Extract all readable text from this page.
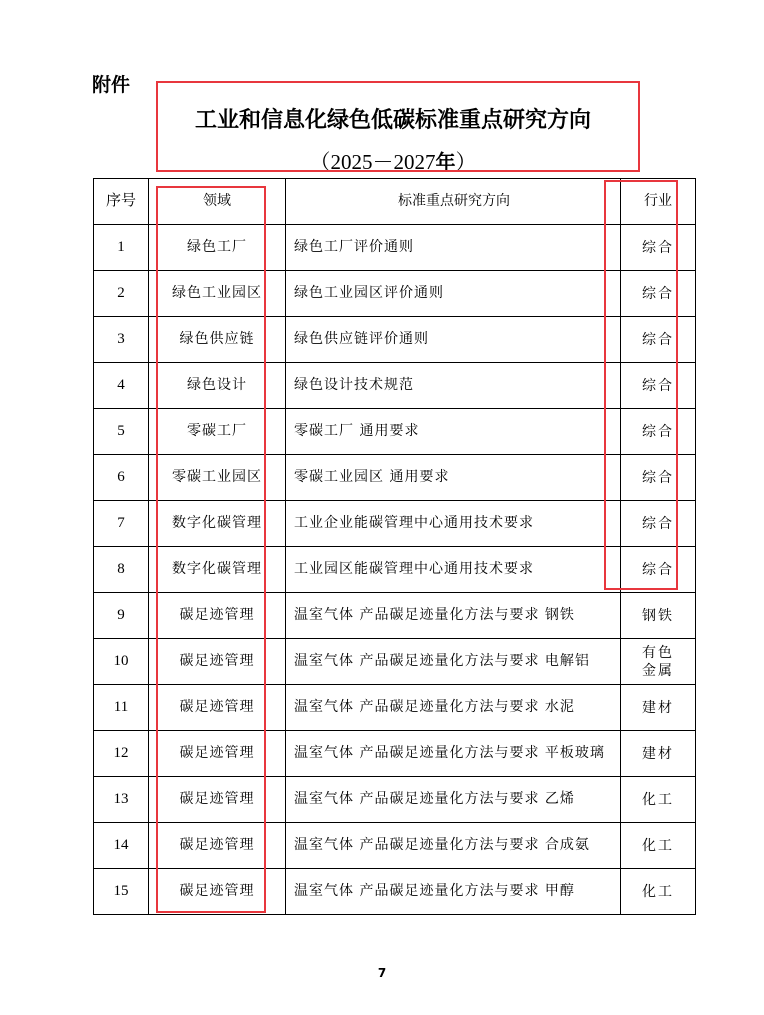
附件
工业和信息化绿色低碳标准重点研究方向
（2025－2027年）
序号	领域	标准重点研究方向	行业
1	绿色工厂	绿色工厂评价通则	综合
2	绿色工业园区	绿色工业园区评价通则	综合
3	绿色供应链	绿色供应链评价通则	综合
4	绿色设计	绿色设计技术规范	综合
5	零碳工厂	零碳工厂 通用要求	综合
6	零碳工业园区	零碳工业园区 通用要求	综合
7	数字化碳管理	工业企业能碳管理中心通用技术要求	综合
8	数字化碳管理	工业园区能碳管理中心通用技术要求	综合
9	碳足迹管理	温室气体 产品碳足迹量化方法与要求 钢铁	钢铁
10	碳足迹管理	温室气体 产品碳足迹量化方法与要求 电解铝	有色金属
11	碳足迹管理	温室气体 产品碳足迹量化方法与要求 水泥	建材
12	碳足迹管理	温室气体 产品碳足迹量化方法与要求 平板玻璃	建材
13	碳足迹管理	温室气体 产品碳足迹量化方法与要求 乙烯	化工
14	碳足迹管理	温室气体 产品碳足迹量化方法与要求 合成氨	化工
15	碳足迹管理	温室气体 产品碳足迹量化方法与要求 甲醇	化工
7
